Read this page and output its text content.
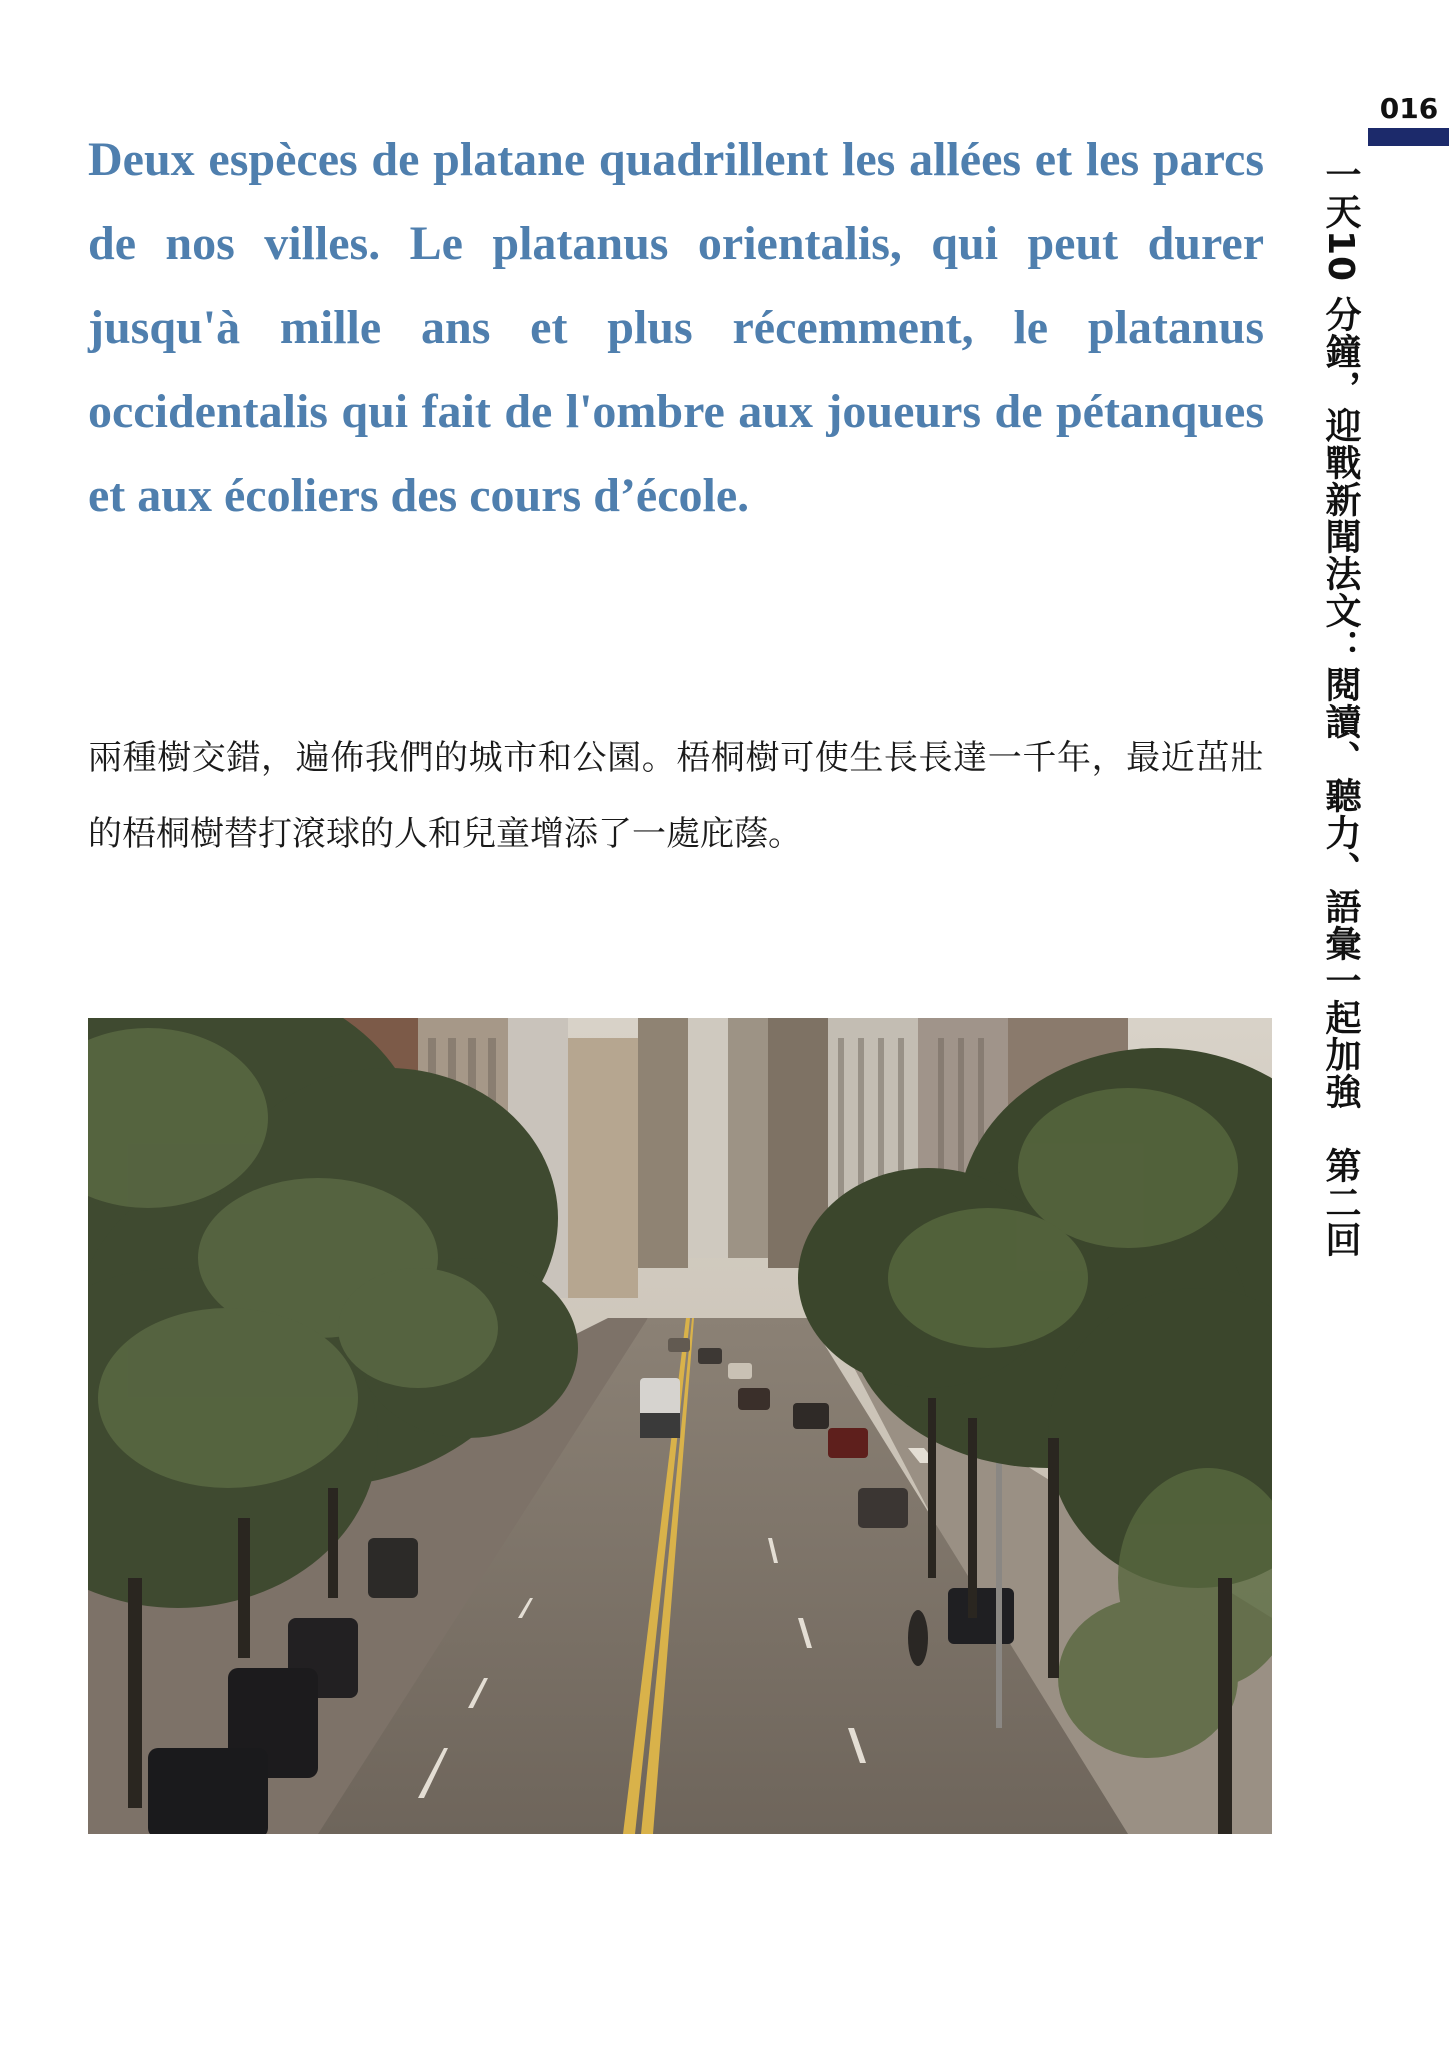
016
一天10 分鐘，迎戰新聞法文：閱讀、聽力、語彙一起加強　第二回

Deux espèces de platane quadrillent les allées et les parcs de nos villes. Le platanus orientalis, qui peut durer jusqu'à mille ans et plus récemment, le platanus occidentalis qui fait de l'ombre aux joueurs de pétanques et aux écoliers des cours d’école.

兩種樹交錯，遍佈我們的城市和公園。梧桐樹可使生長長達一千年，最近茁壯的梧桐樹替打滾球的人和兒童增添了一處庇蔭。
